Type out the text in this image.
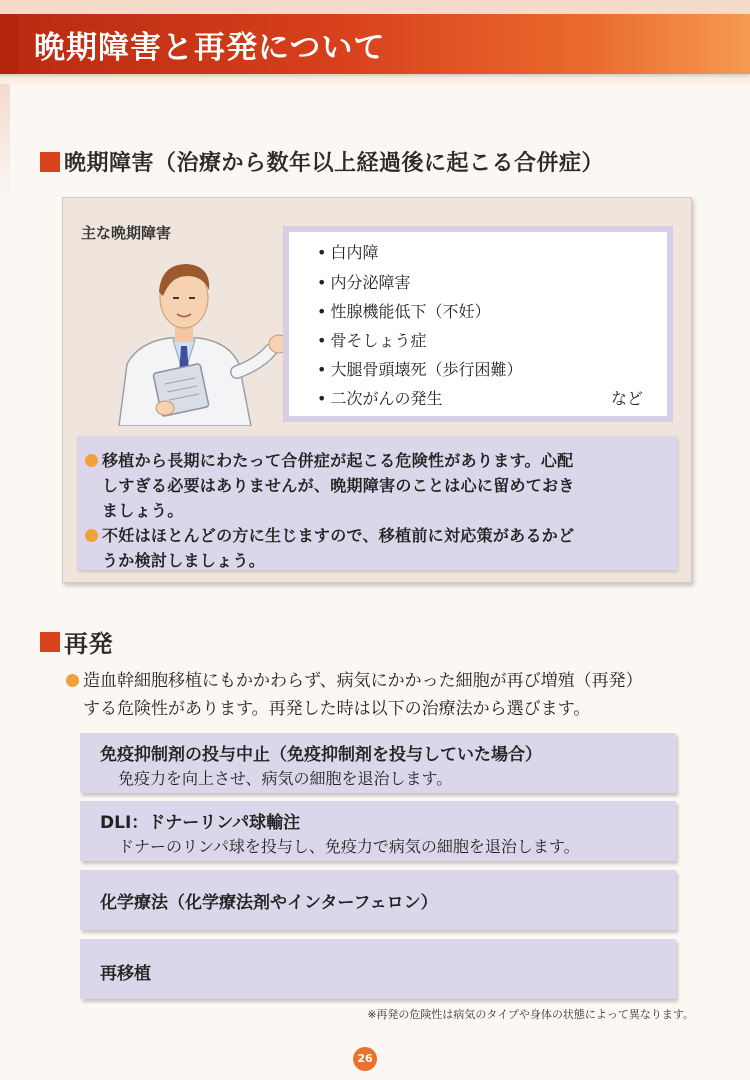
晩期障害と再発について
晩期障害（治療から数年以上経過後に起こる合併症）
主な晩期障害
• 白内障
• 内分泌障害
• 性腺機能低下（不妊）
• 骨そしょう症
• 大腿骨頭壊死（歩行困難）
• 二次がんの発生	など
移植から長期にわたって合併症が起こる危険性があります。心配
しすぎる必要はありませんが、晩期障害のことは心に留めておき
ましょう。
不妊はほとんどの方に生じますので、移植前に対応策があるかど
うか検討しましょう。
再発
造血幹細胞移植にもかかわらず、病気にかかった細胞が再び増殖（再発）
する危険性があります。再発した時は以下の治療法から選びます。
免疫抑制剤の投与中止（免疫抑制剤を投与していた場合）
免疫力を向上させ、病気の細胞を退治します。
DLI：ドナーリンパ球輸注
ドナーのリンパ球を投与し、免疫力で病気の細胞を退治します。
化学療法（化学療法剤やインターフェロン）
再移植
※再発の危険性は病気のタイプや身体の状態によって異なります。
26
